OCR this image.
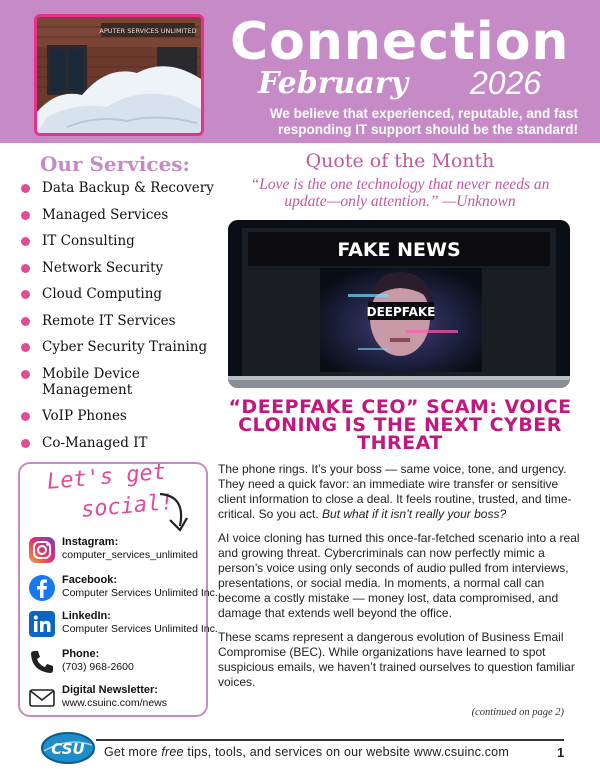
APUTER SERVICES UNLIMITED Connection
February 2026
We believe that experienced, reputable, and fast responding IT support should be the standard!
Our Services:
Data Backup & Recovery
Managed Services
IT Consulting
Network Security
Cloud Computing
Remote IT Services
Cyber Security Training
Mobile Device Management
VoIP Phones
Co-Managed IT
Let's get
social!
Instagram:
computer_services_unlimited
Facebook:
Computer Services Unlimited Inc.
LinkedIn:
Computer Services Unlimited Inc.
Phone:
(703) 968-2600
Digital Newsletter:
www.csuinc.com/news
Quote of the Month
“Love is the one technology that never needs an update—only attention.” —Unknown
FAKE NEWS
DEEPFAKE
“DEEPFAKE CEO” SCAM: VOICE CLONING IS THE NEXT CYBER THREAT

The phone rings. It’s your boss — same voice, tone, and urgency. They need a quick favor: an immediate wire transfer or sensitive client information to close a deal. It feels routine, trusted, and time-critical. So you act. But what if it isn’t really your boss?

AI voice cloning has turned this once-far-fetched scenario into a real and growing threat. Cybercriminals can now perfectly mimic a person’s voice using only seconds of audio pulled from interviews, presentations, or social media. In moments, a normal call can become a costly mistake — money lost, data compromised, and damage that extends well beyond the office.

These scams represent a dangerous evolution of Business Email Compromise (BEC). While organizations have learned to spot suspicious emails, we haven’t trained ourselves to question familiar voices.

(continued on page 2)
CSU Get more free tips, tools, and services on our website www.csuinc.com	1
